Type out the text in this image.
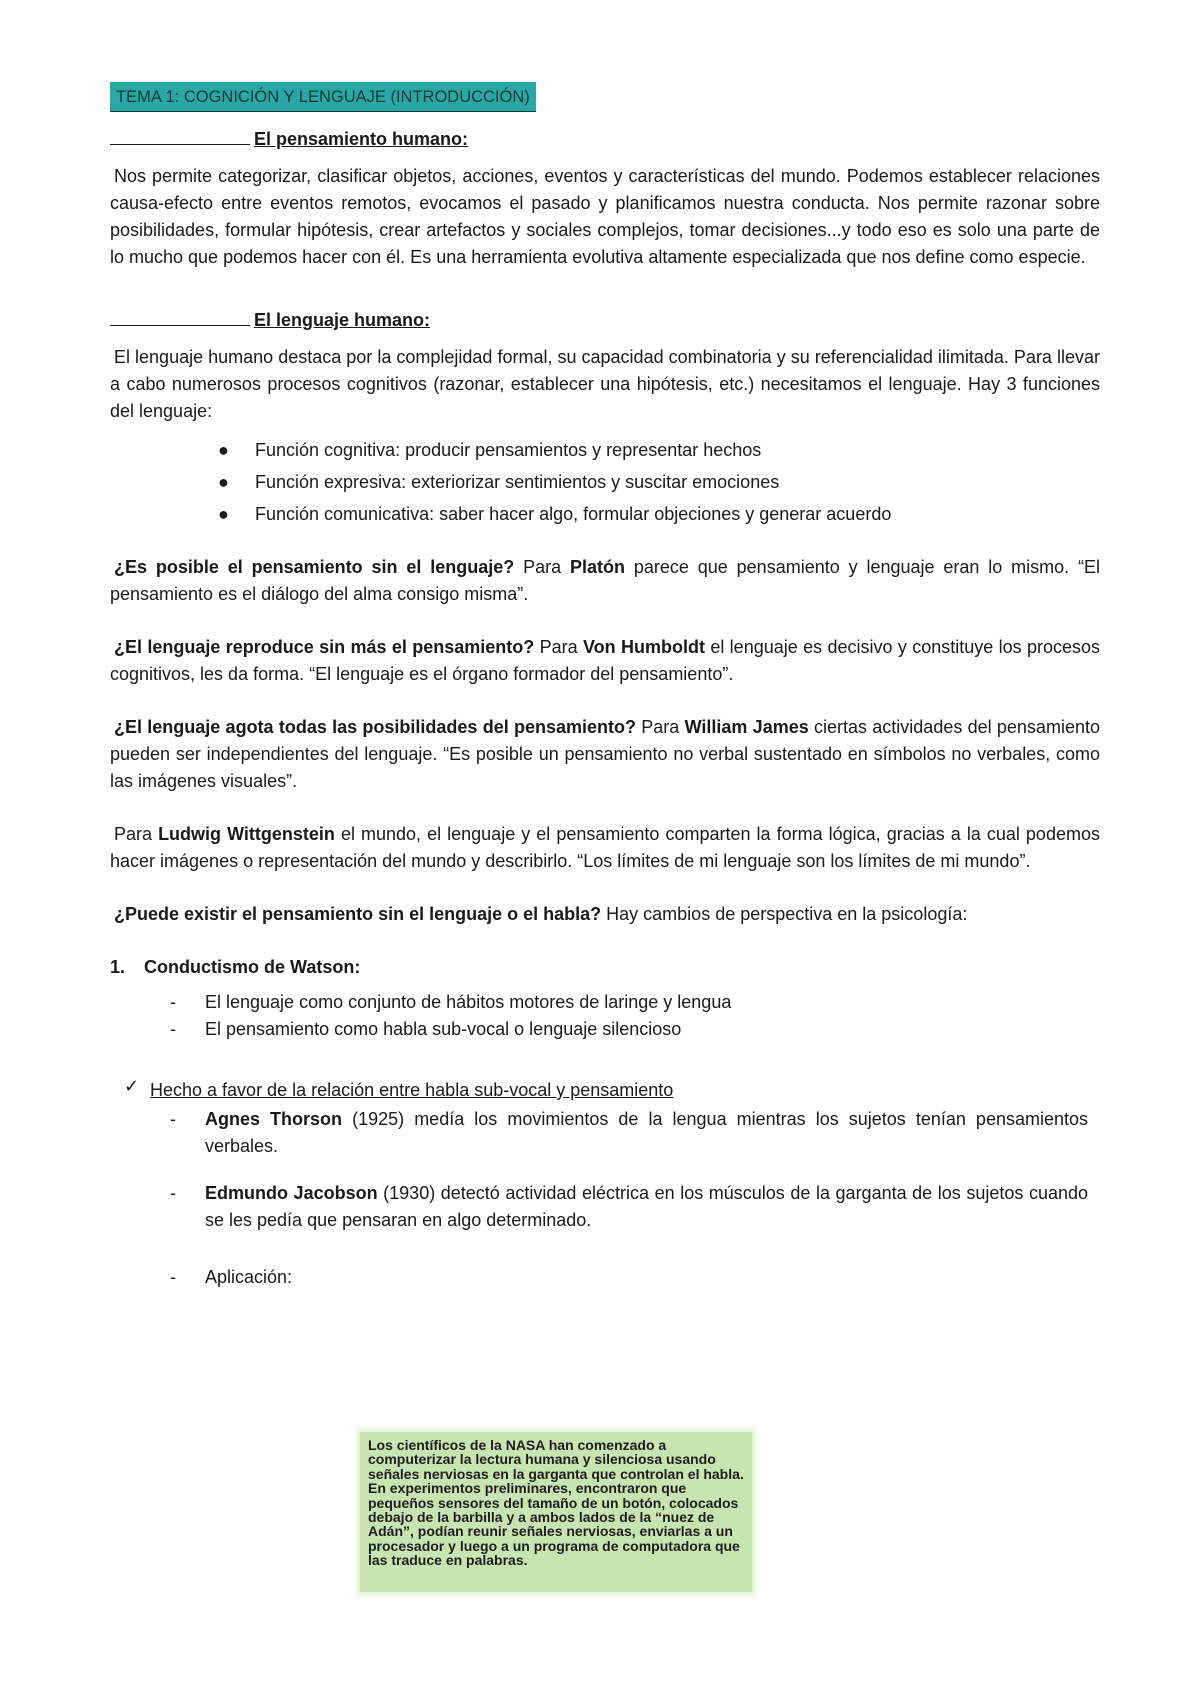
TEMA 1: COGNICIÓN Y LENGUAJE (INTRODUCCIÓN)
El pensamiento humano:

Nos permite categorizar, clasificar objetos, acciones, eventos y características del mundo. Podemos establecer relaciones causa-efecto entre eventos remotos, evocamos el pasado y planificamos nuestra conducta. Nos permite razonar sobre posibilidades, formular hipótesis, crear artefactos y sociales complejos, tomar decisiones...y todo eso es solo una parte de lo mucho que podemos hacer con él. Es una herramienta evolutiva altamente especializada que nos define como especie.

El lenguaje humano:

El lenguaje humano destaca por la complejidad formal, su capacidad combinatoria y su referencialidad ilimitada. Para llevar a cabo numerosos procesos cognitivos (razonar, establecer una hipótesis, etc.) necesitamos el lenguaje. Hay 3 funciones del lenguaje:

● Función cognitiva: producir pensamientos y representar hechos
● Función expresiva: exteriorizar sentimientos y suscitar emociones
● Función comunicativa: saber hacer algo, formular objeciones y generar acuerdo

¿Es posible el pensamiento sin el lenguaje? Para Platón parece que pensamiento y lenguaje eran lo mismo. “El pensamiento es el diálogo del alma consigo misma”.

¿El lenguaje reproduce sin más el pensamiento? Para Von Humboldt el lenguaje es decisivo y constituye los procesos cognitivos, les da forma. “El lenguaje es el órgano formador del pensamiento”.

¿El lenguaje agota todas las posibilidades del pensamiento? Para William James ciertas actividades del pensamiento pueden ser independientes del lenguaje. “Es posible un pensamiento no verbal sustentado en símbolos no verbales, como las imágenes visuales”.

Para Ludwig Wittgenstein el mundo, el lenguaje y el pensamiento comparten la forma lógica, gracias a la cual podemos hacer imágenes o representación del mundo y describirlo. “Los límites de mi lenguaje son los límites de mi mundo”.

¿Puede existir el pensamiento sin el lenguaje o el habla? Hay cambios de perspectiva en la psicología:

1. Conductismo de Watson:
- El lenguaje como conjunto de hábitos motores de laringe y lengua
- El pensamiento como habla sub-vocal o lenguaje silencioso
✓ Hecho a favor de la relación entre habla sub-vocal y pensamiento
- Agnes Thorson (1925) medía los movimientos de la lengua mientras los sujetos tenían pensamientos verbales.
- Edmundo Jacobson (1930) detectó actividad eléctrica en los músculos de la garganta de los sujetos cuando se les pedía que pensaran en algo determinado.
- Aplicación:
Los científicos de la NASA han comenzado a computerizar la lectura humana y silenciosa usando señales nerviosas en la garganta que controlan el habla. En experimentos preliminares, encontraron que pequeños sensores del tamaño de un botón, colocados debajo de la barbilla y a ambos lados de la “nuez de Adán”, podían reunir señales nerviosas, enviarlas a un procesador y luego a un programa de computadora que las traduce en palabras.
